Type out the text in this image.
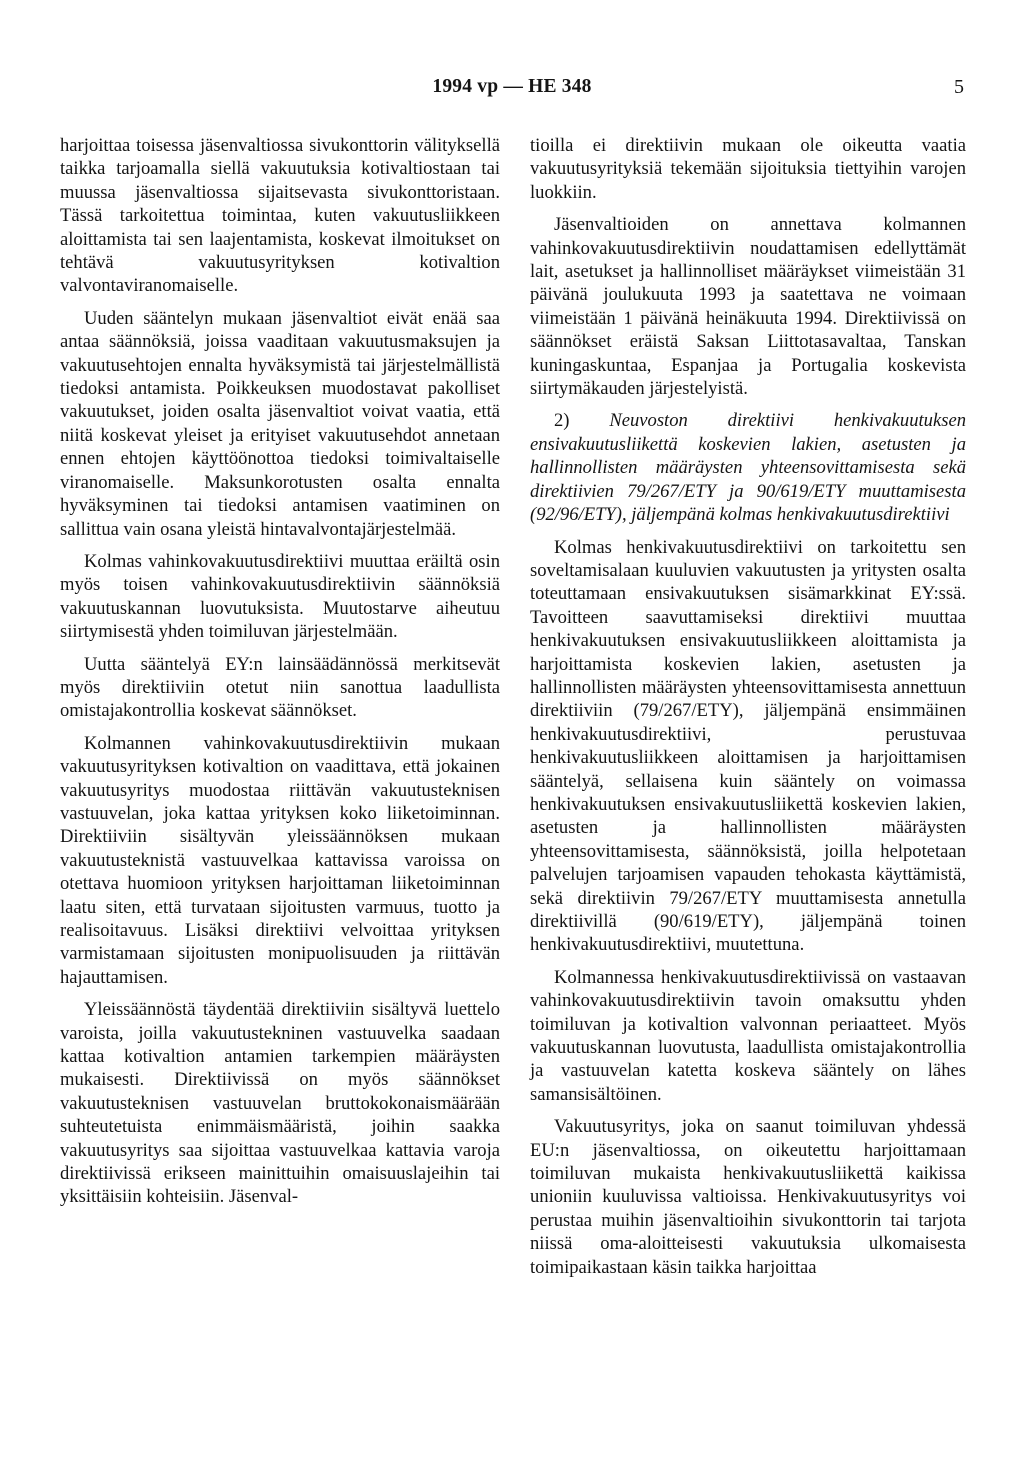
1994 vp — HE 348	5

harjoittaa toisessa jäsenvaltiossa sivukonttorin välityksellä taikka tarjoamalla siellä vakuutuksia kotivaltiostaan tai muussa jäsenvaltiossa sijaitsevasta sivukonttoristaan. Tässä tarkoitettua toimintaa, kuten vakuutusliikkeen aloittamista tai sen laajentamista, koskevat ilmoitukset on tehtävä vakuutusyrityksen kotivaltion valvontaviranomaiselle.

Uuden sääntelyn mukaan jäsenvaltiot eivät enää saa antaa säännöksiä, joissa vaaditaan vakuutusmaksujen ja vakuutusehtojen ennalta hyväksymistä tai järjestelmällistä tiedoksi antamista. Poikkeuksen muodostavat pakolliset vakuutukset, joiden osalta jäsenvaltiot voivat vaatia, että niitä koskevat yleiset ja erityiset vakuutusehdot annetaan ennen ehtojen käyttöönottoa tiedoksi toimivaltaiselle viranomaiselle. Maksunkorotusten osalta ennalta hyväksyminen tai tiedoksi antamisen vaatiminen on sallittua vain osana yleistä hintavalvontajärjestelmää.

Kolmas vahinkovakuutusdirektiivi muuttaa eräiltä osin myös toisen vahinkovakuutusdirektiivin säännöksiä vakuutuskannan luovutuksista. Muutostarve aiheutuu siirtymisestä yhden toimiluvan järjestelmään.

Uutta sääntelyä EY:n lainsäädännössä merkitsevät myös direktiiviin otetut niin sanottua laadullista omistajakontrollia koskevat säännökset.

Kolmannen vahinkovakuutusdirektiivin mukaan vakuutusyrityksen kotivaltion on vaadittava, että jokainen vakuutusyritys muodostaa riittävän vakuutusteknisen vastuuvelan, joka kattaa yrityksen koko liiketoiminnan. Direktiiviin sisältyvän yleissäännöksen mukaan vakuutusteknistä vastuuvelkaa kattavissa varoissa on otettava huomioon yrityksen harjoittaman liiketoiminnan laatu siten, että turvataan sijoitusten varmuus, tuotto ja realisoitavuus. Lisäksi direktiivi velvoittaa yrityksen varmistamaan sijoitusten monipuolisuuden ja riittävän hajauttamisen.

Yleissäännöstä täydentää direktiiviin sisältyvä luettelo varoista, joilla vakuutustekninen vastuuvelka saadaan kattaa kotivaltion antamien tarkempien määräysten mukaisesti. Direktiivissä on myös säännökset vakuutusteknisen vastuuvelan bruttokokonaismäärään suhteutetuista enimmäismääristä, joihin saakka vakuutusyritys saa sijoittaa vastuuvelkaa kattavia varoja direktiivissä erikseen mainittuihin omaisuuslajeihin tai yksittäisiin kohteisiin. Jäsenval-

tioilla ei direktiivin mukaan ole oikeutta vaatia vakuutusyrityksiä tekemään sijoituksia tiettyihin varojen luokkiin.

Jäsenvaltioiden on annettava kolmannen vahinkovakuutusdirektiivin noudattamisen edellyttämät lait, asetukset ja hallinnolliset määräykset viimeistään 31 päivänä joulukuuta 1993 ja saatettava ne voimaan viimeistään 1 päivänä heinäkuuta 1994. Direktiivissä on säännökset eräistä Saksan Liittotasavaltaa, Tanskan kuningaskuntaa, Espanjaa ja Portugalia koskevista siirtymäkauden järjestelyistä.

2) Neuvoston direktiivi henkivakuutuksen ensivakuutusliikettä koskevien lakien, asetusten ja hallinnollisten määräysten yhteensovittamisesta sekä direktiivien 79/267/ETY ja 90/619/ETY muuttamisesta (92/96/ETY), jäljempänä kolmas henkivakuutusdirektiivi

Kolmas henkivakuutusdirektiivi on tarkoitettu sen soveltamisalaan kuuluvien vakuutusten ja yritysten osalta toteuttamaan ensivakuutuksen sisämarkkinat EY:ssä. Tavoitteen saavuttamiseksi direktiivi muuttaa henkivakuutuksen ensivakuutusliikkeen aloittamista ja harjoittamista koskevien lakien, asetusten ja hallinnollisten määräysten yhteensovittamisesta annettuun direktiiviin (79/267/ETY), jäljempänä ensimmäinen henkivakuutusdirektiivi, perustuvaa henkivakuutusliikkeen aloittamisen ja harjoittamisen sääntelyä, sellaisena kuin sääntely on voimassa henkivakuutuksen ensivakuutusliikettä koskevien lakien, asetusten ja hallinnollisten määräysten yhteensovittamisesta, säännöksistä, joilla helpotetaan palvelujen tarjoamisen vapauden tehokasta käyttämistä, sekä direktiivin 79/267/ETY muuttamisesta annetulla direktiivillä (90/619/ETY), jäljempänä toinen henkivakuutusdirektiivi, muutettuna.

Kolmannessa henkivakuutusdirektiivissä on vastaavan vahinkovakuutusdirektiivin tavoin omaksuttu yhden toimiluvan ja kotivaltion valvonnan periaatteet. Myös vakuutuskannan luovutusta, laadullista omistajakontrollia ja vastuuvelan katetta koskeva sääntely on lähes samansisältöinen.

Vakuutusyritys, joka on saanut toimiluvan yhdessä EU:n jäsenvaltiossa, on oikeutettu harjoittamaan toimiluvan mukaista henkivakuutusliikettä kaikissa unioniin kuuluvissa valtioissa. Henkivakuutusyritys voi perustaa muihin jäsenvaltioihin sivukonttorin tai tarjota niissä oma-aloitteisesti vakuutuksia ulkomaisesta toimipaikastaan käsin taikka harjoittaa
